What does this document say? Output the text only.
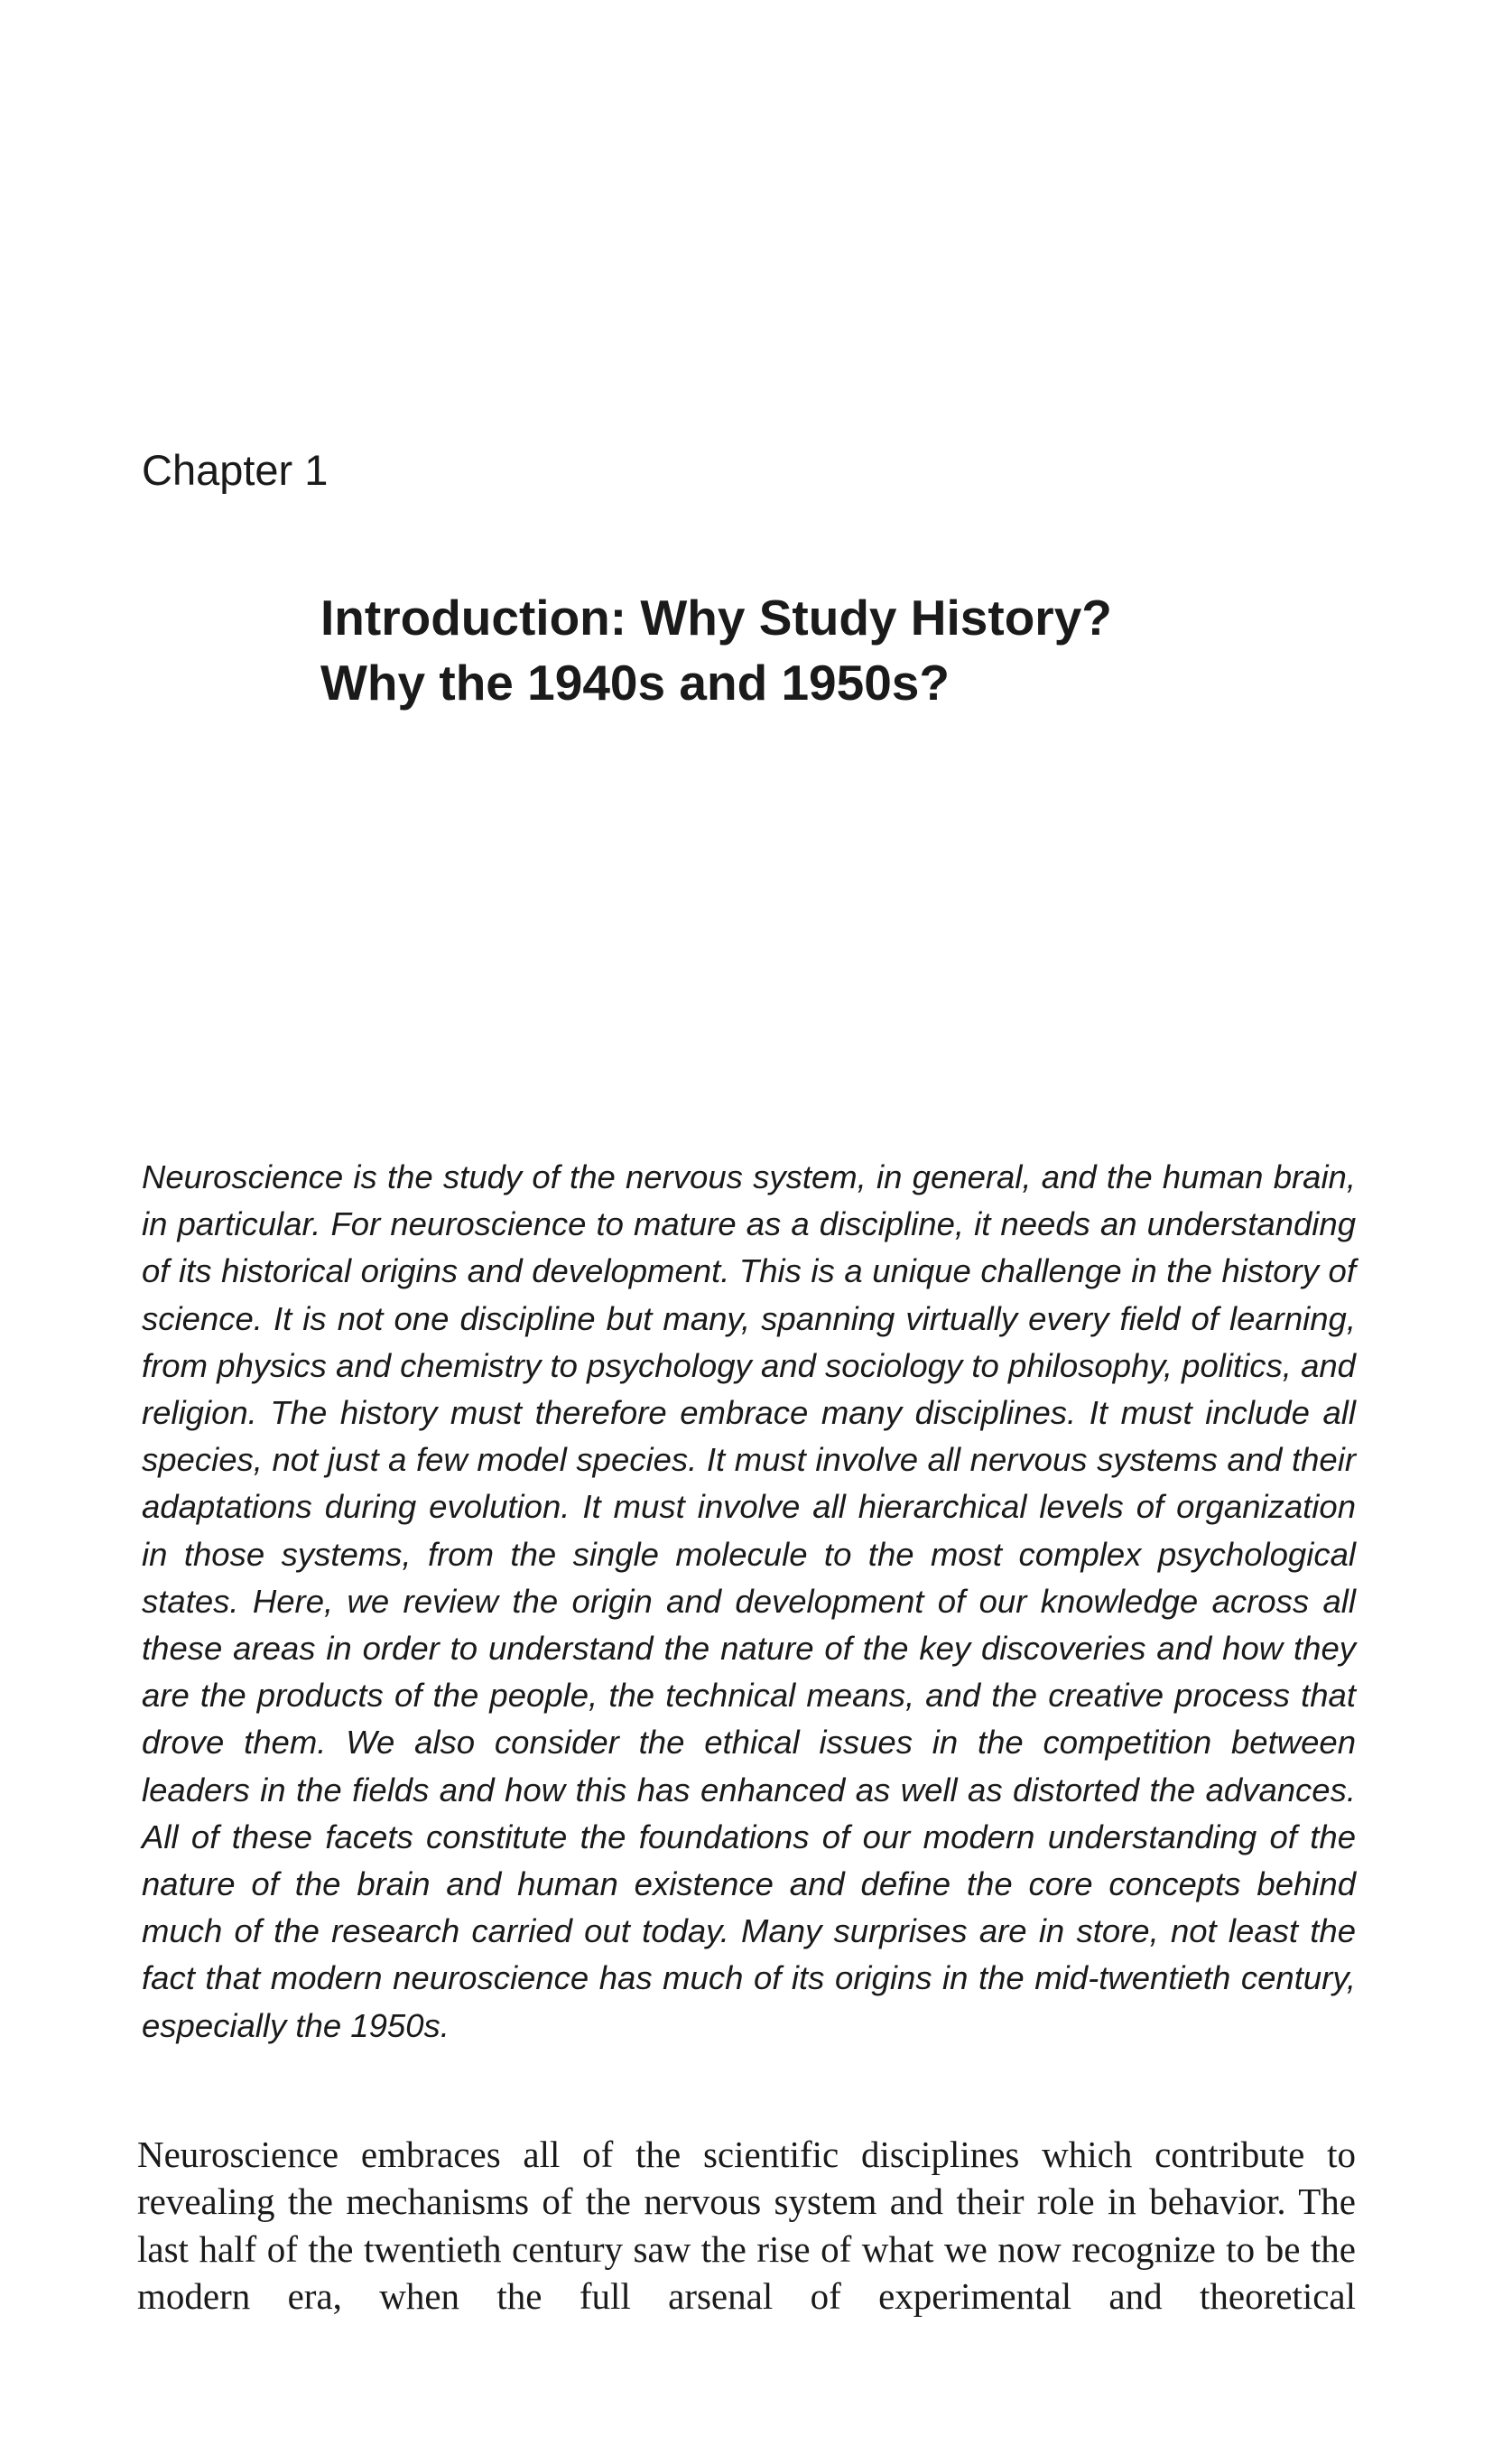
Chapter 1
Introduction: Why Study History?
Why the 1940s and 1950s?

Neuroscience is the study of the nervous system, in general, and the human brain, in particular. For neuroscience to mature as a discipline, it needs an understanding of its historical origins and development. This is a unique challenge in the history of science. It is not one discipline but many, spanning virtually every field of learning, from physics and chemistry to psychology and sociology to philosophy, politics, and religion. The history must therefore embrace many disciplines. It must include all species, not just a few model species. It must involve all nervous systems and their adaptations during evolution. It must involve all hierarchical levels of organization in those systems, from the single molecule to the most complex psychological states. Here, we review the origin and development of our knowledge across all these areas in order to understand the nature of the key discoveries and how they are the products of the people, the technical means, and the creative process that drove them. We also consider the ethical issues in the competition between leaders in the fields and how this has enhanced as well as distorted the advances. All of these facets constitute the foundations of our modern understanding of the nature of the brain and human existence and define the core concepts behind much of the research carried out today. Many surprises are in store, not least the fact that modern neuroscience has much of its origins in the mid-twentieth century, especially the 1950s.

Neuroscience embraces all of the scientific disciplines which contribute to revealing the mechanisms of the nervous system and their role in behavior. The last half of the twentieth century saw the rise of what we now recognize to be the modern era, when the full arsenal of experimental and theoretical
